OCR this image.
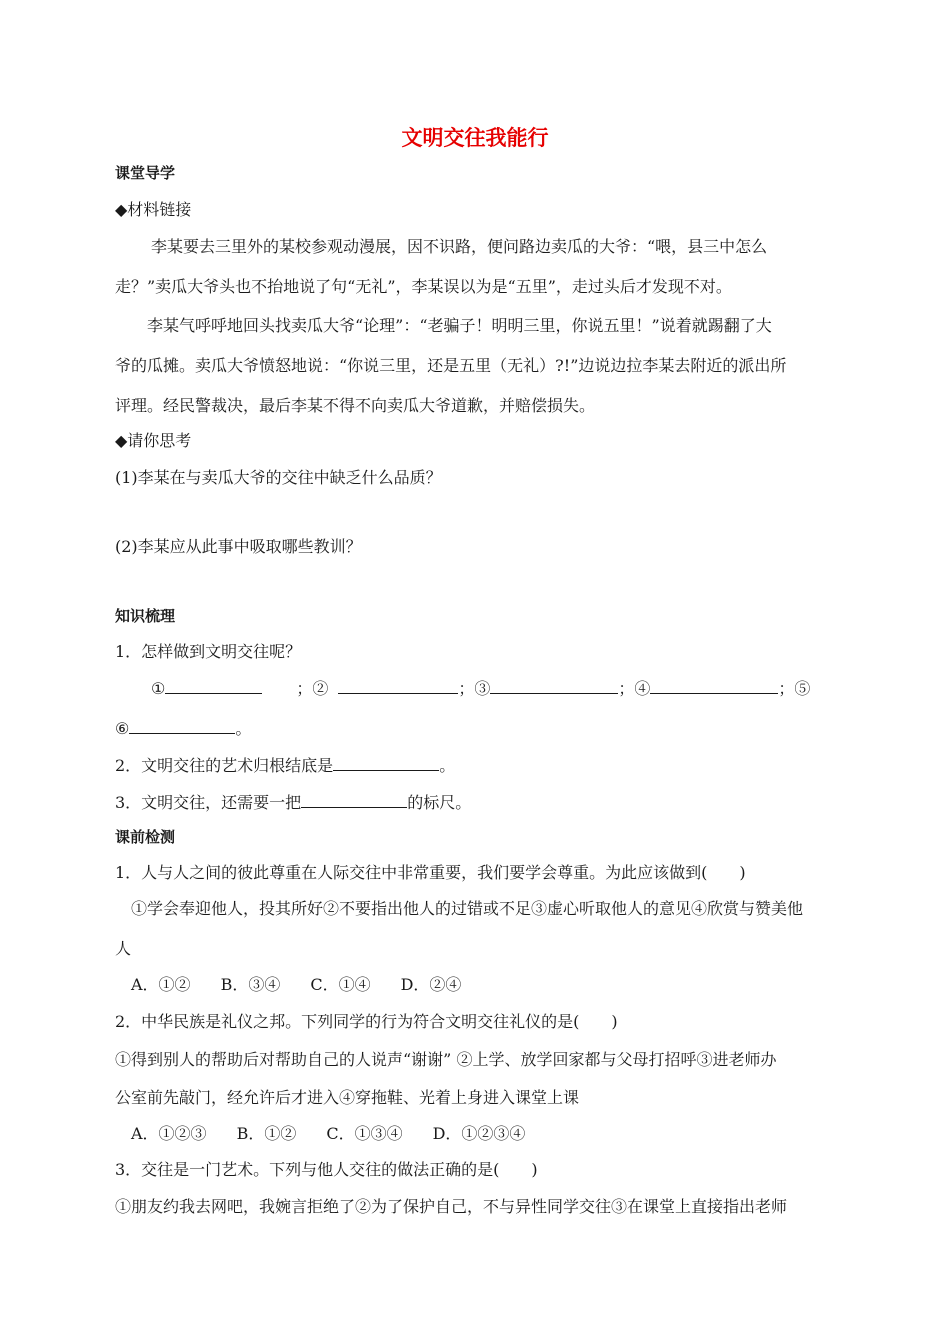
文明交往我能行
课堂导学
◆材料链接
李某要去三里外的某校参观动漫展，因不识路，便问路边卖瓜的大爷：“喂，县三中怎么
走？”卖瓜大爷头也不抬地说了句“无礼”，李某误以为是“五里”，走过头后才发现不对。
李某气呼呼地回头找卖瓜大爷“论理”：“老骗子！明明三里，你说五里！”说着就踢翻了大
爷的瓜摊。卖瓜大爷愤怒地说：“你说三里，还是五里（无礼）?!”边说边拉李某去附近的派出所
评理。经民警裁决，最后李某不得不向卖瓜大爷道歉，并赔偿损失。
◆请你思考
(1)李某在与卖瓜大爷的交往中缺乏什么品质？
(2)李某应从此事中吸取哪些教训？
知识梳理
1．怎样做到文明交往呢？
①	；②	；③	；④	；⑤
⑥	。
2．文明交往的艺术归根结底是	。
3．文明交往，还需要一把	的标尺。
课前检测
1．人与人之间的彼此尊重在人际交往中非常重要，我们要学会尊重。为此应该做到(　　)
①学会奉迎他人，投其所好②不要指出他人的过错或不足③虚心听取他人的意见④欣赏与赞美他
人
A．①② B．③④ C．①④ D．②④
2．中华民族是礼仪之邦。下列同学的行为符合文明交往礼仪的是(　　)
①得到别人的帮助后对帮助自己的人说声“谢谢” ②上学、放学回家都与父母打招呼③进老师办
公室前先敲门，经允许后才进入④穿拖鞋、光着上身进入课堂上课
A．①②③ B．①② C．①③④ D．①②③④
3．交往是一门艺术。下列与他人交往的做法正确的是(　　)
①朋友约我去网吧，我婉言拒绝了②为了保护自己，不与异性同学交往③在课堂上直接指出老师
